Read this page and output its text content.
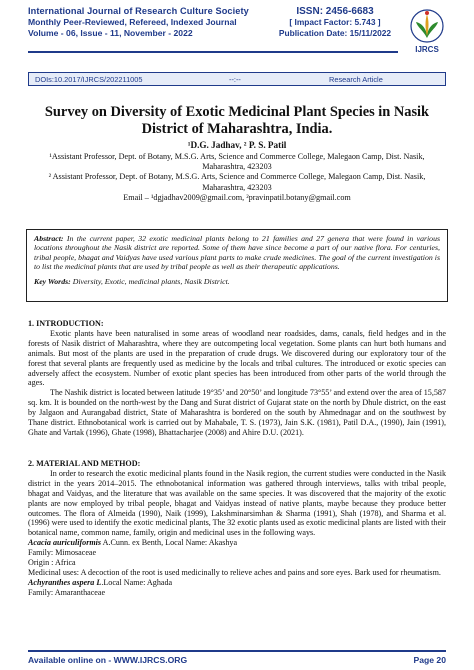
International Journal of Research Culture Society
Monthly Peer-Reviewed, Refereed, Indexed Journal
Volume - 06, Issue - 11, November - 2022
ISSN: 2456-6683
[ Impact Factor: 5.743 ]
Publication Date: 15/11/2022
IJRCS
DOIs:10.2017/IJRCS/202211005	--:--	Research Article
Survey on Diversity of Exotic Medicinal Plant Species in Nasik District of Maharashtra, India.
¹D.G. Jadhav, ² P. S. Patil
¹Assistant Professor, Dept. of Botany, M.S.G. Arts, Science and Commerce College, Malegaon Camp, Dist. Nasik,
Maharashtra, 423203
² Assistant Professor, Dept. of Botany, M.S.G. Arts, Science and Commerce College, Malegaon Camp, Dist. Nasik,
Maharashtra, 423203
Email – ¹dgjadhav2009@gmail.com, ²pravinpatil.botany@gmail.com
Abstract: In the current paper, 32 exotic medicinal plants belong to 21 families and 27 genera that were found in various locations throughout the Nasik district are reported. Some of them have since become a part of our native flora. For centuries, tribal people, bhagat and Vaidyas have used various plant parts to make crude medicines. The goal of the current investigation is to list the medicinal plants that are used by tribal people as well as their therapeutic applications.
Key Words: Diversity, Exotic, medicinal plants, Nasik District.
1. INTRODUCTION:

Exotic plants have been naturalised in some areas of woodland near roadsides, dams, canals, field hedges and in the forests of Nasik district of Maharashtra, where they are outcompeting local vegetation. Some plants can hurt both humans and animals. But most of the plants are used in the preparation of crude drugs. We discovered during our exploratory tour of the forest that several plants are frequently used as medicine by the locals and tribal cultures. The introduced or exotic species can adversely affect the ecosystem. Number of exotic plant species has been introduced from other parts of the world through the ages.

The Nashik district is located between latitude 19°35’ and 20°50’ and longitude 73°55’ and extend over the area of 15,587 sq. km. It is bounded on the north-west by the Dang and Surat district of Gujarat state on the north by Dhule district, on the east by Jalgaon and Aurangabad district, State of Maharashtra is bordered on the south by Ahmednagar and on the southwest by Thane district. Ethnobotanical work is carried out by Mahabale, T. S. (1973), Jain S.K. (1981), Patil D.A., (1990), Jain (1991), Ghate and Vartak (1996), Ghate (1998), Bhattacharjee (2008) and Ahire D.U. (2021).

2. MATERIAL AND METHOD:

In order to research the exotic medicinal plants found in the Nasik region, the current studies were conducted in the Nasik district in the years 2014–2015. The ethnobotanical information was gathered through interviews, talks with tribal people, bhagat and Vaidyas, and the literature that was available on the same species. It was discovered that the majority of the exotic plants are now employed by tribal people, bhagat and Vaidyas instead of native plants, maybe because they produce better outcomes. The flora of Almeida (1990), Naik (1999), Lakshminarsimhan & Sharma (1991), Shah (1978), and Sharma et al. (1996) were used to identify the exotic medicinal plants, The 32 exotic plants used as exotic medicinal plants are listed with their botanical name, common name, family, origin and medicinal uses in the following ways.

Acacia auriculiformis A.Cunn. ex Benth, Local Name: Akashya
Family: Mimosaceae
Origin : Africa
Medicinal uses: A decoction of the root is used medicinally to relieve aches and pains and sore eyes. Bark used for rheumatism.
Achyranthes aspera L.Local Name: Aghada
Family: Amaranthaceae
Available online on - WWW.IJRCS.ORG	Page 20
